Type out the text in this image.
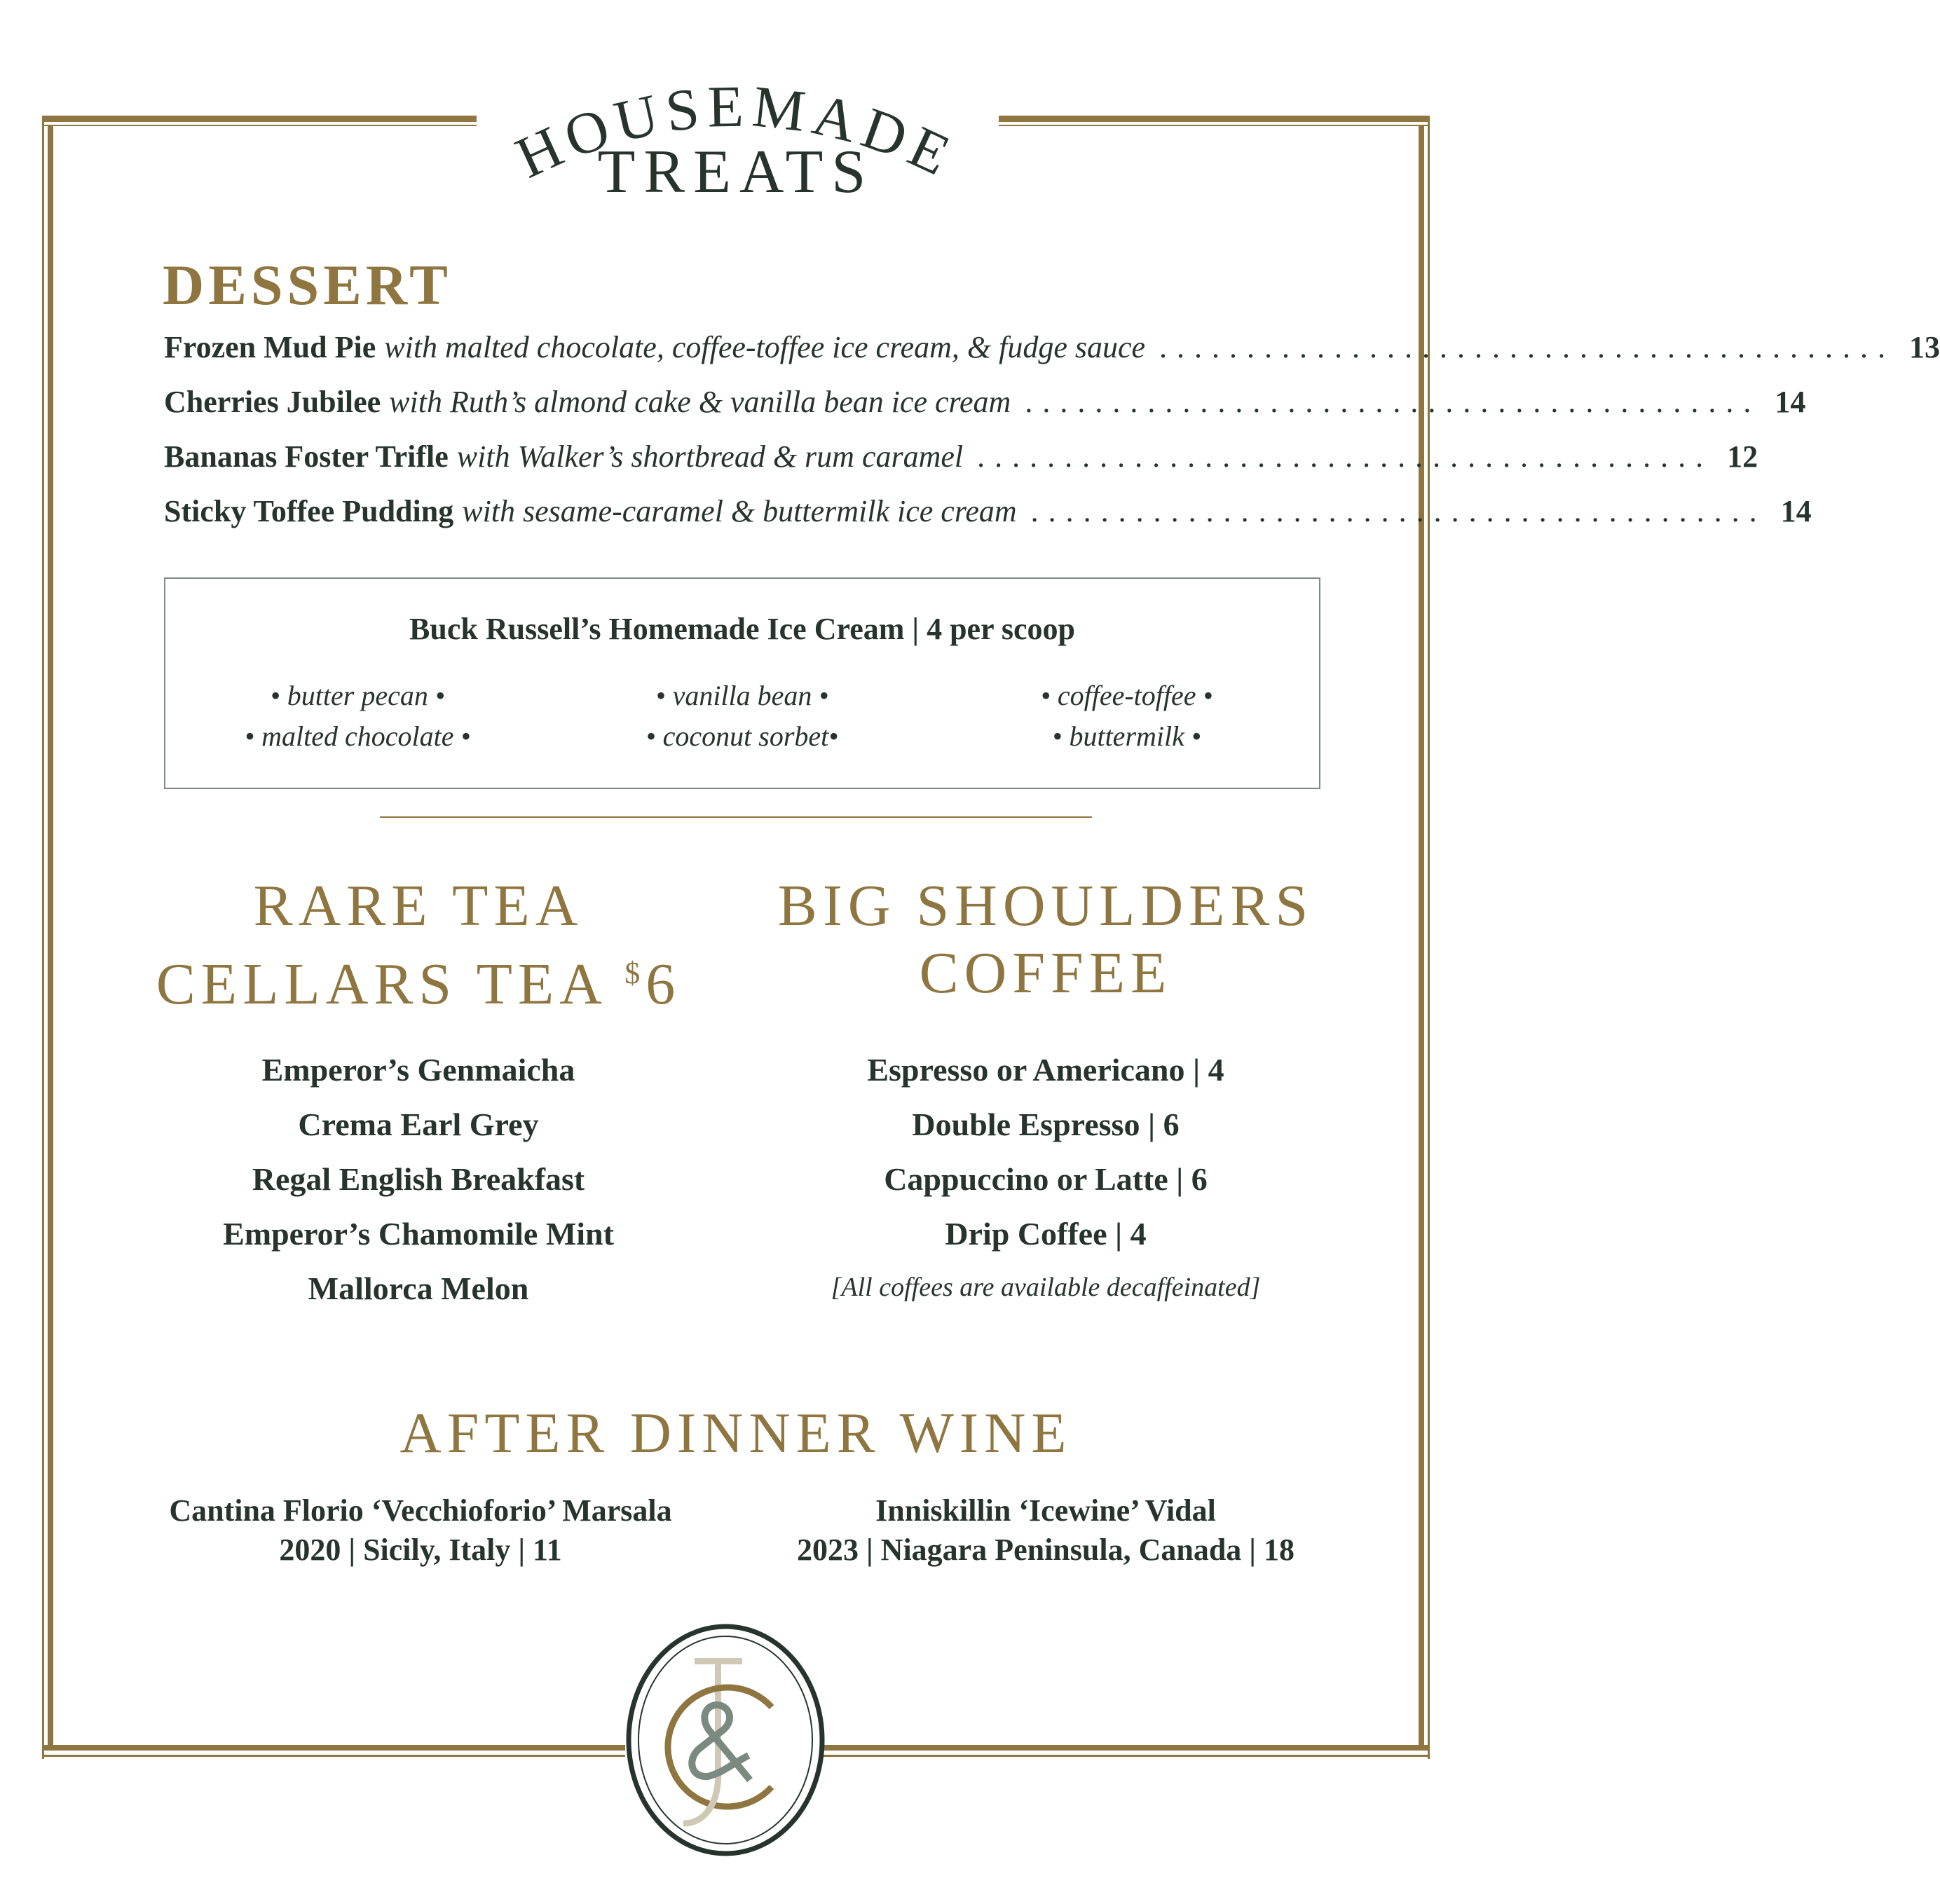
HOUSEMADE
TREATS
DESSERT
Frozen Mud Pie with malted chocolate, coffee-toffee ice cream, & fudge sauce .......................................... 13
Cherries Jubilee with Ruth’s almond cake & vanilla bean ice cream .......................................... 14
Bananas Foster Trifle with Walker’s shortbread & rum caramel .......................................... 12
Sticky Toffee Pudding with sesame-caramel & buttermilk ice cream .......................................... 14
Buck Russell’s Homemade Ice Cream | 4 per scoop
• butter pecan •	• vanilla bean •	• coffee-toffee •
• malted chocolate •	• coconut sorbet•	• buttermilk •
RARE TEA
CELLARS TEA $6
Emperor’s Genmaicha
Crema Earl Grey
Regal English Breakfast
Emperor’s Chamomile Mint
Mallorca Melon
BIG SHOULDERS
COFFEE
Espresso or Americano | 4
Double Espresso | 6
Cappuccino or Latte | 6
Drip Coffee | 4
[All coffees are available decaffeinated]
AFTER DINNER WINE
Cantina Florio ‘Vecchioforio’ Marsala
2020 | Sicily, Italy | 11
Inniskillin ‘Icewine’ Vidal
2023 | Niagara Peninsula, Canada | 18
